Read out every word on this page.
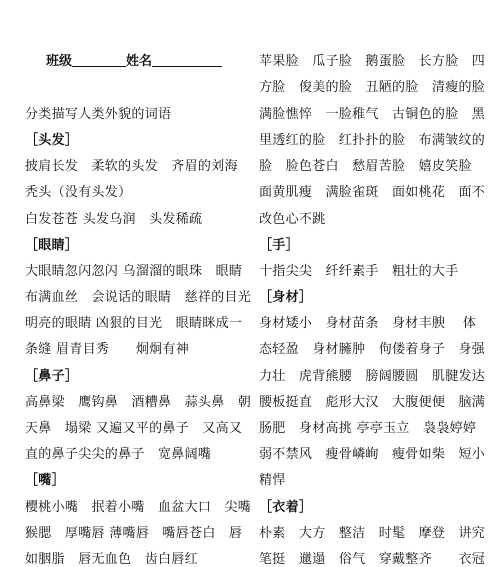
班级	姓名
分类描写人类外貌的词语
［头发］
披肩长发　柔软的头发　齐眉的刘海
秃头（没有头发）
白发苍苍 头发乌润　头发稀疏
［眼睛］
大眼睛忽闪忽闪 乌溜溜的眼珠　眼睛
布满血丝　会说话的眼睛　慈祥的目光
明亮的眼睛 凶狠的目光　眼睛眯成一
条缝 眉青目秀　　炯炯有神
［鼻子］
高鼻梁　鹰钩鼻　酒糟鼻　蒜头鼻　朝
天鼻　塌梁 又遍又平的鼻子　又高又
直的鼻子尖尖的鼻子　宽鼻阔嘴
［嘴］
樱桃小嘴　抿着小嘴　血盆大口　尖嘴
猴腮　厚嘴唇 薄嘴唇　嘴唇苍白　唇
如胭脂　唇无血色　齿白唇红
苹果脸　瓜子脸　鹅蛋脸　长方脸　四
方脸　俊美的脸　丑陋的脸　清瘦的脸
满脸憔悴　一脸稚气　古铜色的脸　黑
里透红的脸　红扑扑的脸　布满皱纹的
脸　脸色苍白　愁眉苦脸　嬉皮笑脸
面黄肌瘦　满脸雀斑　面如桃花　面不
改色心不跳
［手］
十指尖尖　纤纤素手　粗壮的大手
［身材］
身材矮小　身材苗条　身材丰腴　 体
态轻盈　身材臃肿　佝偻着身子　身强
力壮　虎背熊腰　膀阔腰圆　肌腱发达
腰板挺直　彪形大汉　大腹便便　脑满
肠肥　身材高挑 亭亭玉立　袅袅婷婷
弱不禁风　瘦骨嶙峋　瘦骨如柴　短小
精悍
［衣着］
朴素　大方　整洁　时髦　摩登　讲究
笔挺　邋遢　俗气　穿戴整齐　　衣冠
